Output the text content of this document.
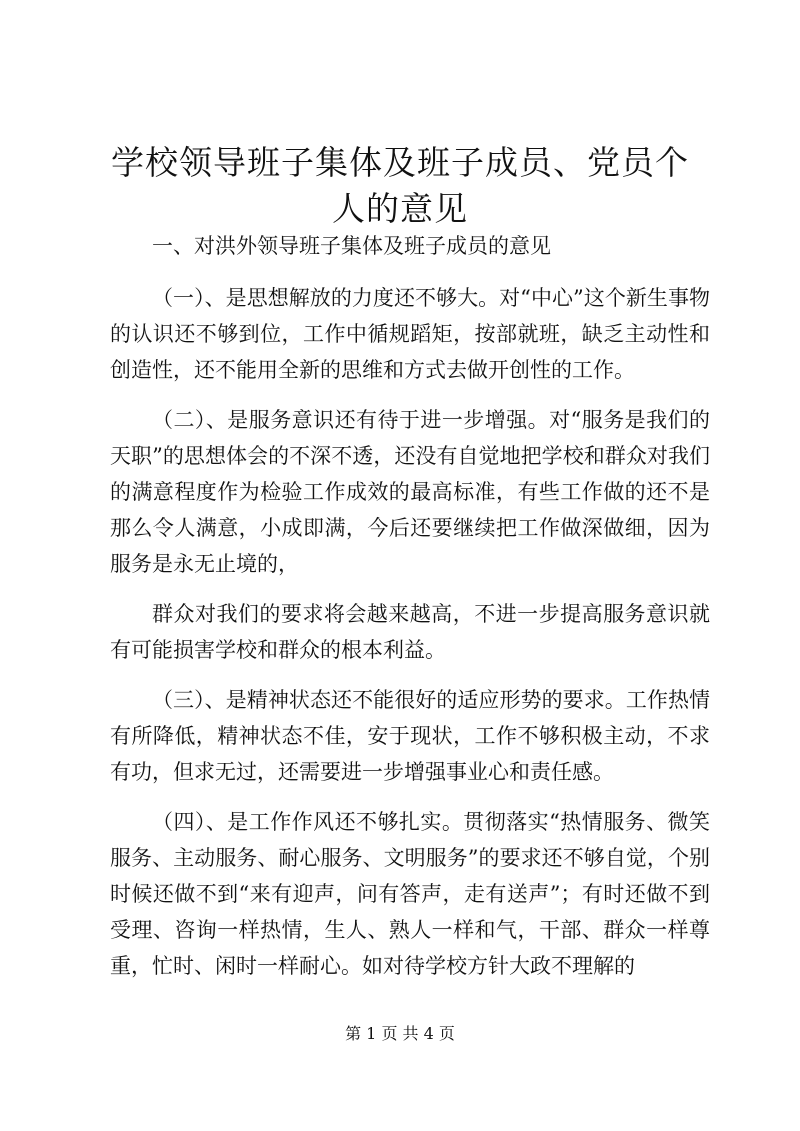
学校领导班子集体及班子成员、党员个人的意见

一、对洪外领导班子集体及班子成员的意见

（一）、是思想解放的力度还不够大。对“中心”这个新生事物的认识还不够到位，工作中循规蹈矩，按部就班，缺乏主动性和创造性，还不能用全新的思维和方式去做开创性的工作。

（二）、是服务意识还有待于进一步增强。对“服务是我们的天职”的思想体会的不深不透，还没有自觉地把学校和群众对我们的满意程度作为检验工作成效的最高标准，有些工作做的还不是那么令人满意，小成即满，今后还要继续把工作做深做细，因为服务是永无止境的，

群众对我们的要求将会越来越高，不进一步提高服务意识就有可能损害学校和群众的根本利益。

（三）、是精神状态还不能很好的适应形势的要求。工作热情有所降低，精神状态不佳，安于现状，工作不够积极主动，不求有功，但求无过，还需要进一步增强事业心和责任感。

（四）、是工作作风还不够扎实。贯彻落实“热情服务、微笑服务、主动服务、耐心服务、文明服务”的要求还不够自觉，个别时候还做不到“来有迎声，问有答声，走有送声”；有时还做不到受理、咨询一样热情，生人、熟人一样和气，干部、群众一样尊重，忙时、闲时一样耐心。如对待学校方针大政不理解的

第 1 页 共 4 页
